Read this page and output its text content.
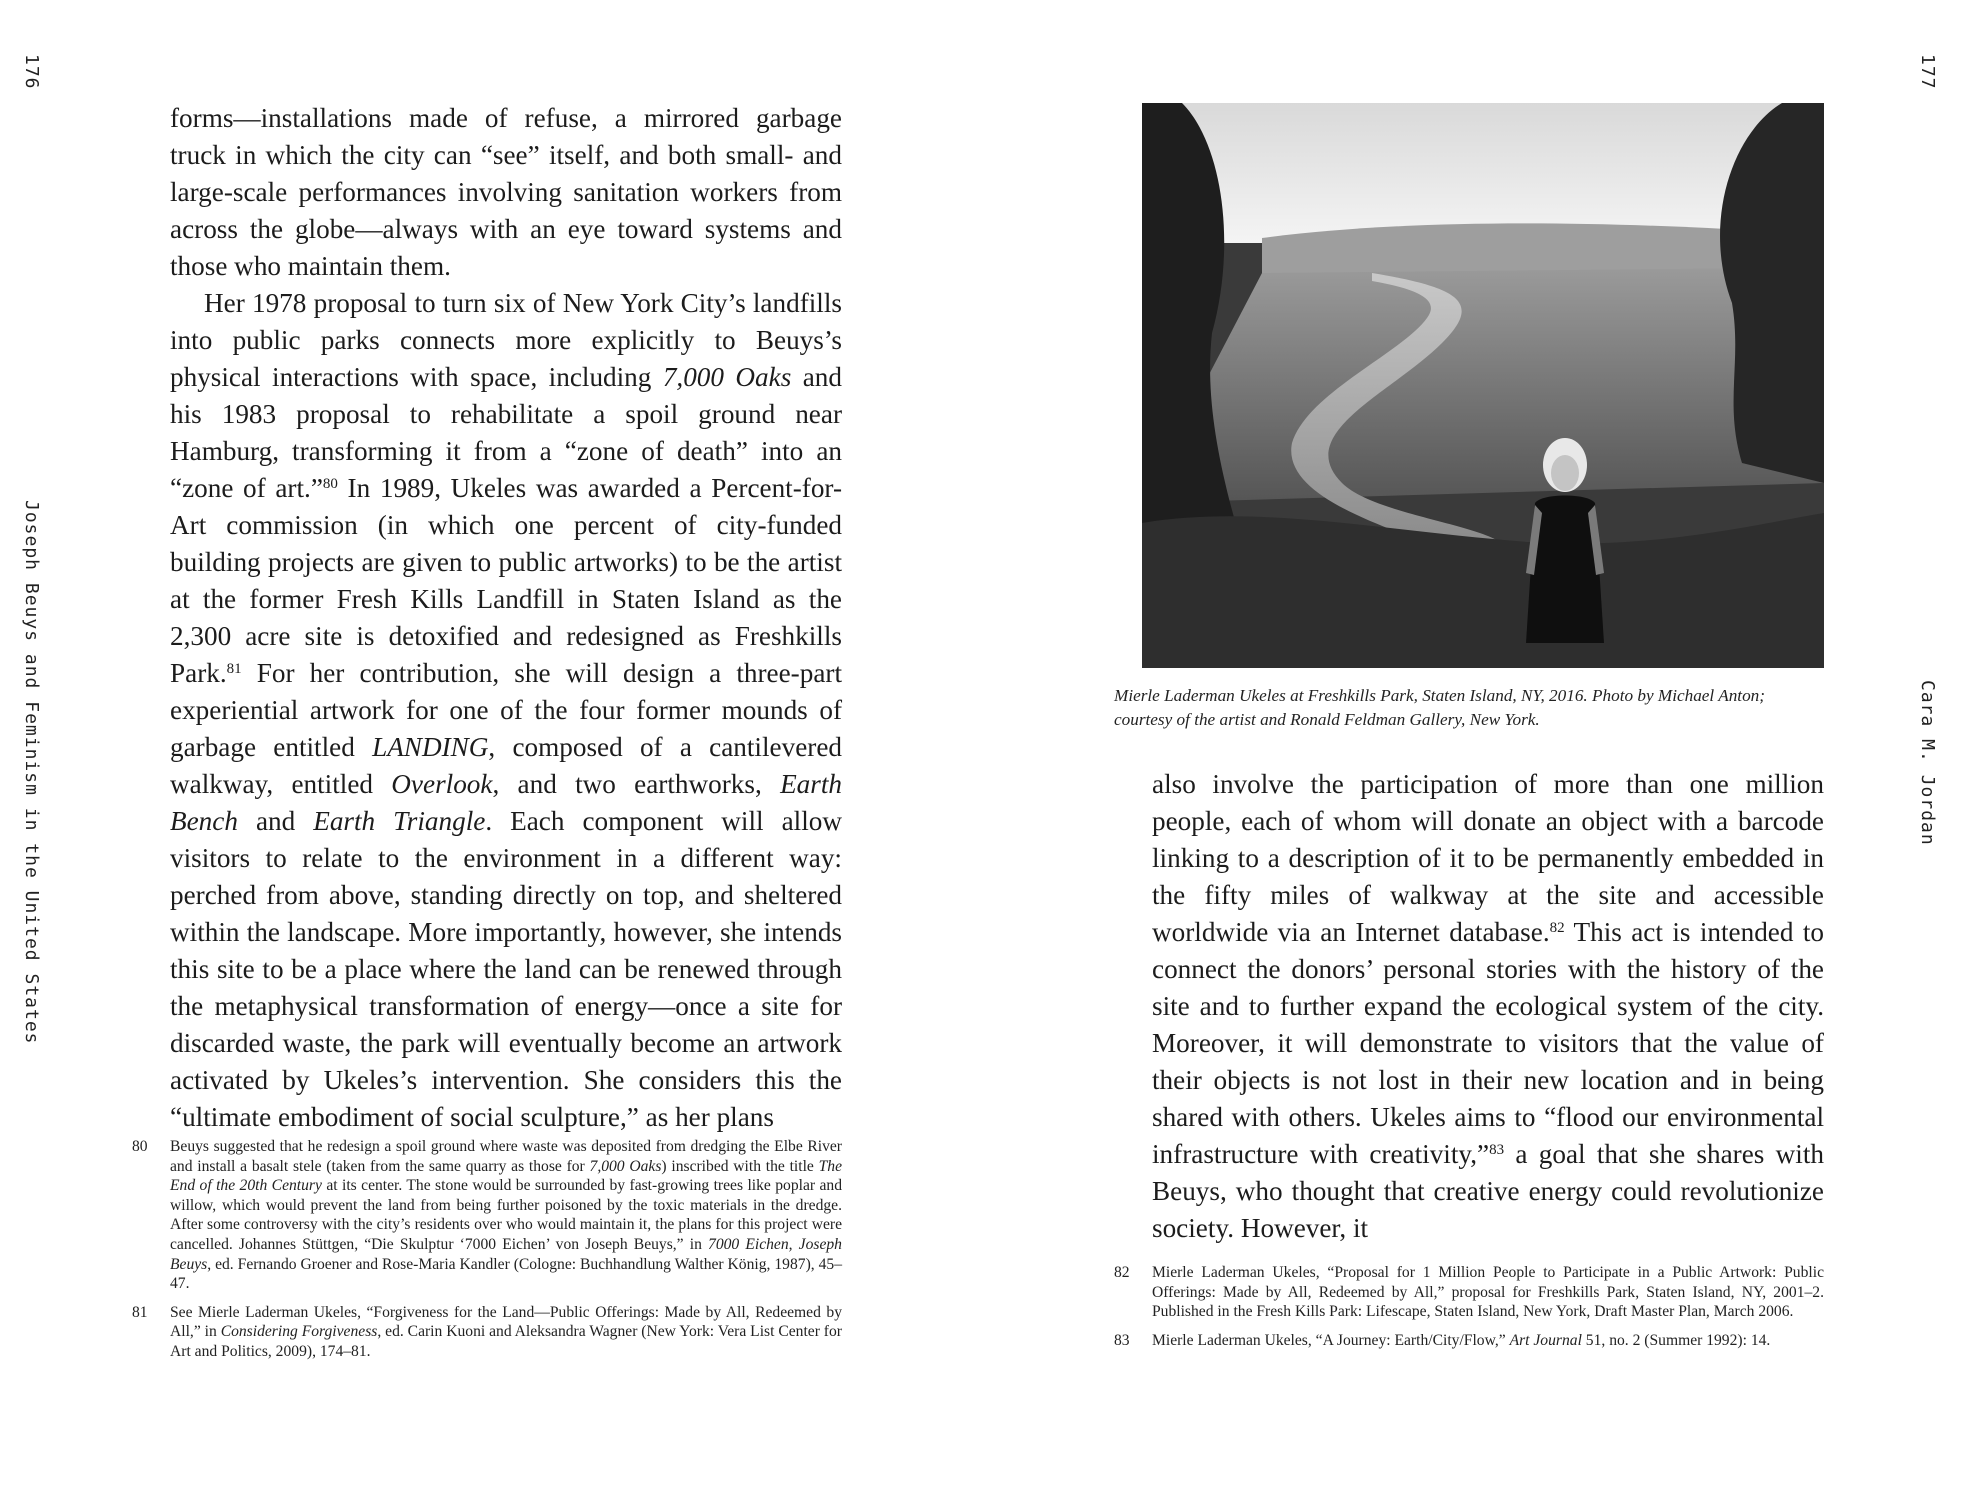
176
Joseph Beuys and Feminism in the United States

forms—installations made of refuse, a mirrored garbage truck in which the city can “see” itself, and both small- and large-scale performances involving sanitation workers from across the globe—always with an eye toward systems and those who maintain them.

Her 1978 proposal to turn six of New York City’s landfills into public parks connects more explicitly to Beuys’s physical interactions with space, including 7,000 Oaks and his 1983 proposal to rehabilitate a spoil ground near Hamburg, transforming it from a “zone of death” into an “zone of art.”$^{80}$ In 1989, Ukeles was awarded a Percent-for-Art commission (in which one percent of city-funded building projects are given to public artworks) to be the artist at the former Fresh Kills Landfill in Staten Island as the 2,300 acre site is detoxified and redesigned as Freshkills Park.$^{81}$ For her contribution, she will design a three-part experiential artwork for one of the four former mounds of garbage entitled LANDING, composed of a cantilevered walkway, entitled Overlook, and two earthworks, Earth Bench and Earth Triangle. Each component will allow visitors to relate to the environment in a different way: perched from above, standing directly on top, and sheltered within the landscape. More importantly, however, she intends this site to be a place where the land can be renewed through the metaphysical transformation of energy—once a site for discarded waste, the park will eventually become an artwork activated by Ukeles’s intervention. She considers this the “ultimate embodiment of social sculpture,” as her plans

80	Beuys suggested that he redesign a spoil ground where waste was deposited from dredging the Elbe River and install a basalt stele (taken from the same quarry as those for 7,000 Oaks) inscribed with the title The End of the 20th Century at its center. The stone would be surrounded by fast-growing trees like poplar and willow, which would prevent the land from being further poisoned by the toxic materials in the dredge. After some controversy with the city’s residents over who would maintain it, the plans for this project were cancelled. Johannes Stüttgen, “Die Skulptur ‘7000 Eichen’ von Joseph Beuys,” in 7000 Eichen, Joseph Beuys, ed. Fernando Groener and Rose-Maria Kandler (Cologne: Buchhandlung Walther König, 1987), 45–47.
81	See Mierle Laderman Ukeles, “Forgiveness for the Land—Public Offerings: Made by All, Redeemed by All,” in Considering Forgiveness, ed. Carin Kuoni and Aleksandra Wagner (New York: Vera List Center for Art and Politics, 2009), 174–81.
177
Cara M. Jordan
Mierle Laderman Ukeles at Freshkills Park, Staten Island, NY, 2016. Photo by Michael Anton; courtesy of the artist and Ronald Feldman Gallery, New York.

also involve the participation of more than one million people, each of whom will donate an object with a barcode linking to a description of it to be permanently embedded in the fifty miles of walkway at the site and accessible worldwide via an Internet database.$^{82}$ This act is intended to connect the donors’ personal stories with the history of the site and to further expand the ecological system of the city. Moreover, it will demonstrate to visitors that the value of their objects is not lost in their new location and in being shared with others. Ukeles aims to “flood our environmental infrastructure with creativity,”$^{83}$ a goal that she shares with Beuys, who thought that creative energy could revolutionize society. However, it

82	Mierle Laderman Ukeles, “Proposal for 1 Million People to Participate in a Public Artwork: Public Offerings: Made by All, Redeemed by All,” proposal for Freshkills Park, Staten Island, NY, 2001–2. Published in the Fresh Kills Park: Lifescape, Staten Island, New York, Draft Master Plan, March 2006.
83	Mierle Laderman Ukeles, “A Journey: Earth/City/Flow,” Art Journal 51, no. 2 (Summer 1992): 14.
